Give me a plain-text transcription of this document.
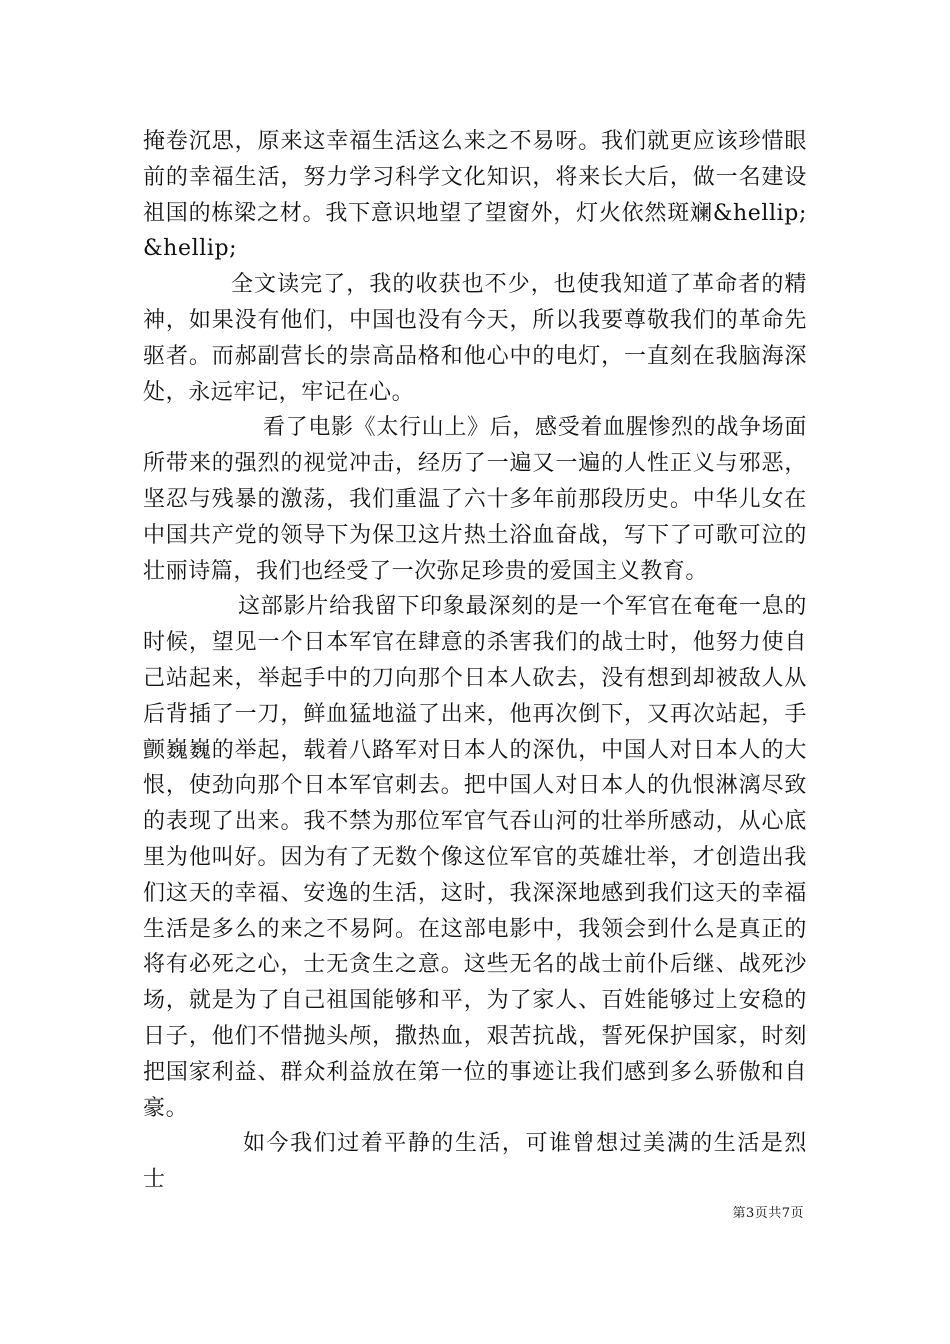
掩卷沉思，原来这幸福生活这么来之不易呀。我们就更应该珍惜眼前的幸福生活，努力学习科学文化知识，将来长大后，做一名建设祖国的栋梁之材。我下意识地望了望窗外，灯火依然斑斓&hellip;&hellip;

全文读完了，我的收获也不少，也使我知道了革命者的精神，如果没有他们，中国也没有今天，所以我要尊敬我们的革命先驱者。而郝副营长的崇高品格和他心中的电灯，一直刻在我脑海深处，永远牢记，牢记在心。

看了电影《太行山上》后，感受着血腥惨烈的战争场面所带来的强烈的视觉冲击，经历了一遍又一遍的人性正义与邪恶，坚忍与残暴的激荡，我们重温了六十多年前那段历史。中华儿女在中国共产党的领导下为保卫这片热土浴血奋战，写下了可歌可泣的壮丽诗篇，我们也经受了一次弥足珍贵的爱国主义教育。

这部影片给我留下印象最深刻的是一个军官在奄奄一息的时候，望见一个日本军官在肆意的杀害我们的战士时，他努力使自己站起来，举起手中的刀向那个日本人砍去，没有想到却被敌人从后背插了一刀，鲜血猛地溢了出来，他再次倒下，又再次站起，手颤巍巍的举起，载着八路军对日本人的深仇，中国人对日本人的大恨，使劲向那个日本军官刺去。把中国人对日本人的仇恨淋漓尽致的表现了出来。我不禁为那位军官气吞山河的壮举所感动，从心底里为他叫好。因为有了无数个像这位军官的英雄壮举，才创造出我们这天的幸福、安逸的生活，这时，我深深地感到我们这天的幸福生活是多么的来之不易阿。在这部电影中，我领会到什么是真正的将有必死之心，士无贪生之意。这些无名的战士前仆后继、战死沙场，就是为了自己祖国能够和平，为了家人、百姓能够过上安稳的日子，他们不惜抛头颅，撒热血，艰苦抗战，誓死保护国家，时刻把国家利益、群众利益放在第一位的事迹让我们感到多么骄傲和自豪。

如今我们过着平静的生活，可谁曾想过美满的生活是烈士

第3页共7页
